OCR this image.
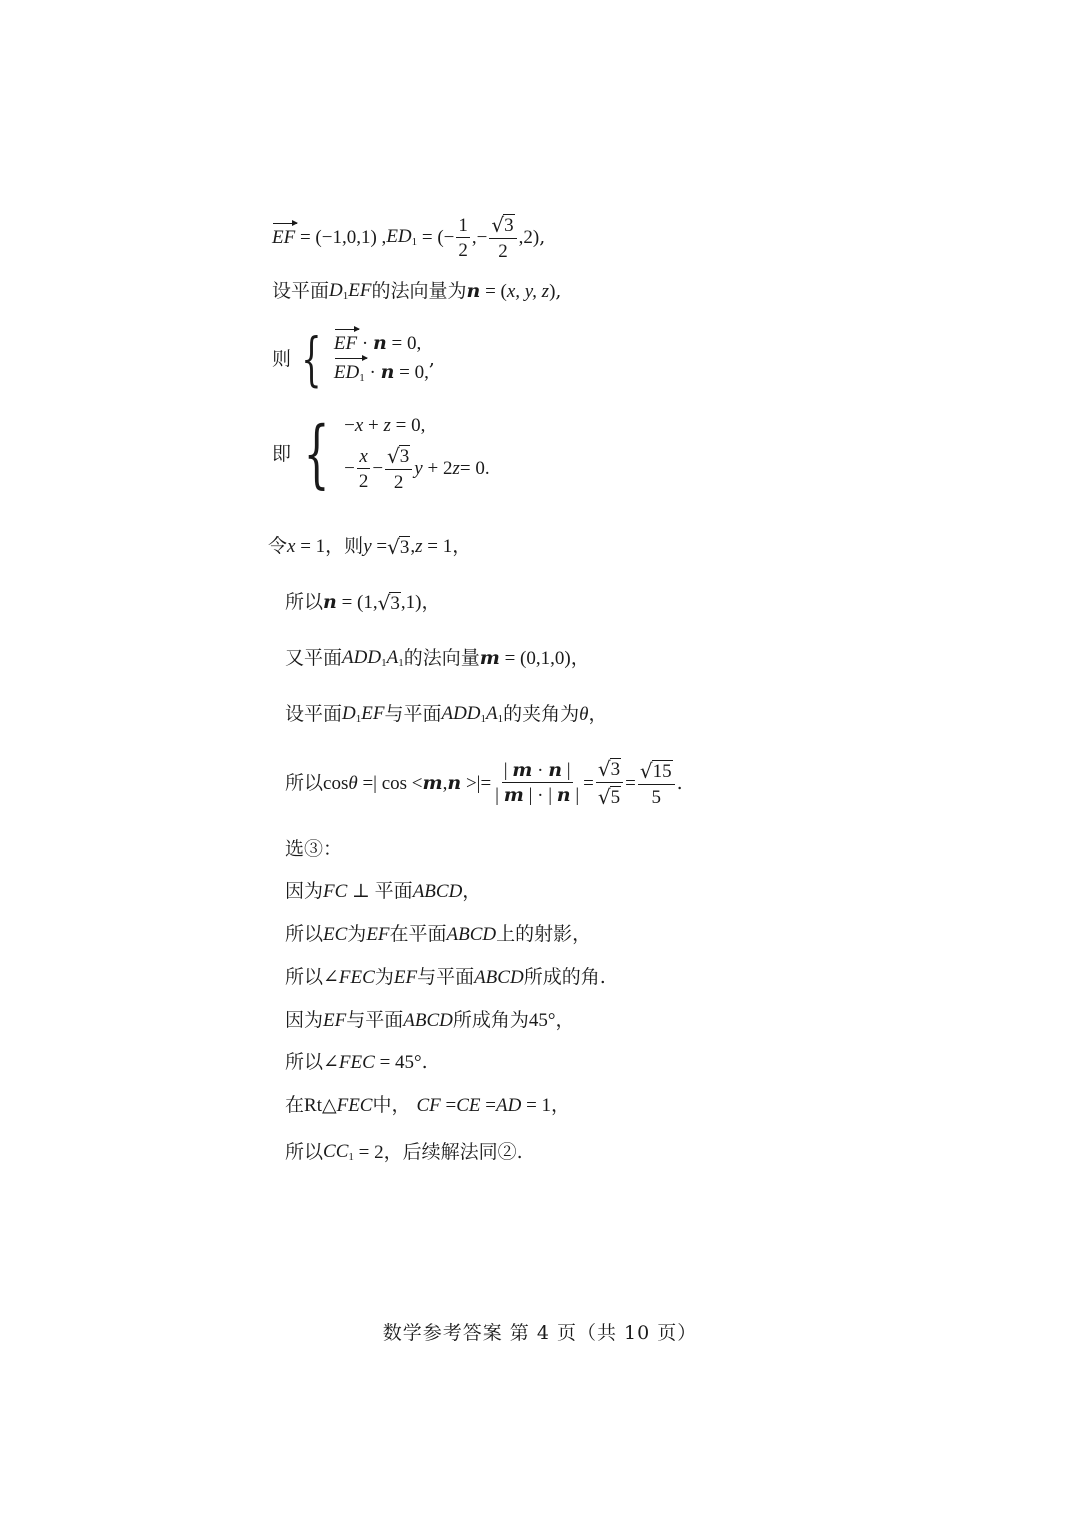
EF = (−1,0,1) , $ED_1$ = (− $\frac{1}{2}$ ,− $\frac{√ 3}{2} ,2$) ,
设平面 $D_1EF$ 的法向量为 n = ( x, y, z ) ,
则 { EF · n = 0,
$ED_1 \cdot n = 0$,
,
即 { −x + z = 0,
− $\frac{x}{2} - \frac{√ 3}{2}$ y + 2 z = 0.
令 x = 1 ，则 y = √ 3 , z = 1 ，
所以 n = (1, √ 3 ,1) ，
又平面 $ADD_1A_1$ 的法向量 m = (0,1,0) ，
设平面 $D_1EF$ 与平面 $ADD_1A_1$ 的夹角为 θ ，
所以 cos θ =| cos < m , n >|= $\frac{| m \cdot n |}{| m | \cdot | n |} = \frac{√ 3}{√ 5} = \frac{√ 15}{5}$ .
选③：
因为 FC ⊥ 平面 ABCD ，
所以 EC 为 EF 在平面 ABCD 上的射影，
所以 ∠FEC 为 EF 与平面 ABCD 所成的角.
因为 EF 与平面 ABCD 所成角为 45° ，
所以 ∠FEC = 45° .
在 Rt△ FEC 中， CF = CE = AD = 1 ，
所以 $CC_1 = 2$ ，后续解法同②.
数学参考答案 第 4 页（共 10 页）
